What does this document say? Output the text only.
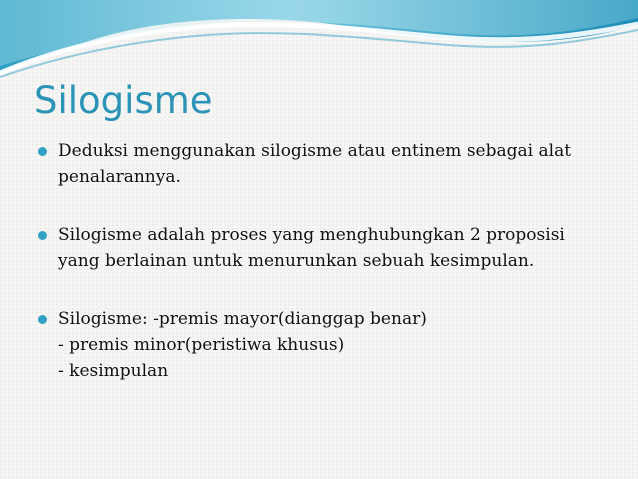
Silogisme
Deduksi menggunakan silogisme atau entinem sebagai alat
penalarannya.
Silogisme adalah proses yang menghubungkan 2 proposisi
yang berlainan untuk menurunkan sebuah kesimpulan.
Silogisme: -premis mayor(dianggap benar)
- premis minor(peristiwa khusus)
- kesimpulan
